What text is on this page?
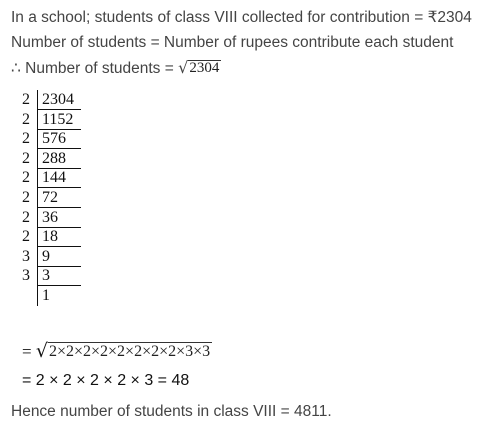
In a school; students of class VIII collected for contribution = ₹2304
Number of students = Number of rupees contribute each student
∴ Number of students = √2304
2 2304
2 1152
2 576
2 288
2 144
2 72
2 36
2 18
3 9
3 3
1
= √2×2×2×2×2×2×2×2×3×3
= 2 × 2 × 2 × 2 × 3 = 48
Hence number of students in class VIII = 4811.
